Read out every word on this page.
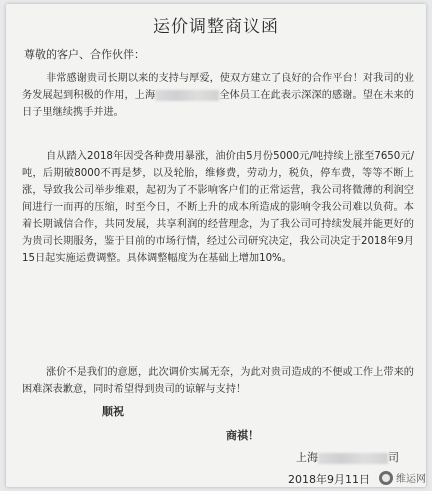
运价调整商议函
尊敬的客户、合作伙伴：
非常感谢贵司长期以来的支持与厚爱，使双方建立了良好的合作平台！对我司的业务发展起到积极的作用，上海	全体员工在此表示深深的感谢。望在未来的日子里继续携手并进。
自从踏入2018年因受各种费用暴涨，油价由5月份5000元/吨持续上涨至7650元/吨，后期破8000不再是梦，以及轮胎，维修费，劳动力，税负，停车费，等等不断上涨，导致我公司举步维艰，起初为了不影响客户们的正常运营，我公司将微薄的利润空间进行一而再的压缩，时至今日，不断上升的成本所造成的影响令我公司难以负荷。本着长期诚信合作，共同发展，共享利润的经营理念，为了我公司可持续发展并能更好的为贵司长期服务，鉴于目前的市场行情，经过公司研究决定，我公司决定于2018年9月15日起实施运费调整。具体调整幅度为在基础上增加10%。
涨价不是我们的意愿，此次调价实属无奈，为此对贵司造成的不便或工作上带来的困难深表歉意，同时希望得到贵司的谅解与支持！
顺祝
商祺！
上海	司
2018年9月11日	维运网
